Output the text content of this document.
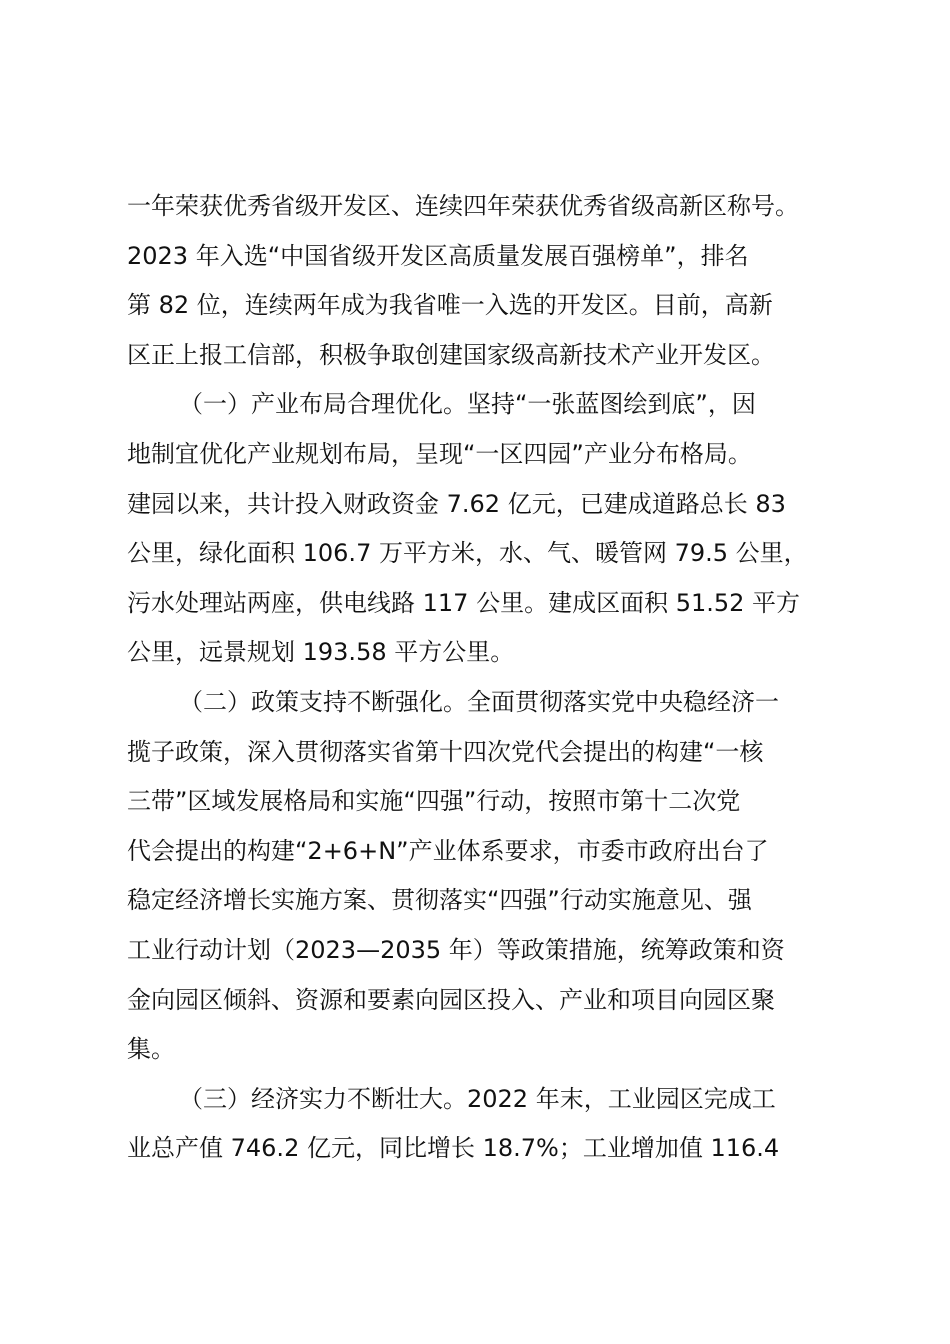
一年荣获优秀省级开发区、连续四年荣获优秀省级高新区称号。
2023 年入选“中国省级开发区高质量发展百强榜单”，排名
第 82 位，连续两年成为我省唯一入选的开发区。目前，高新
区正上报工信部，积极争取创建国家级高新技术产业开发区。
（一）产业布局合理优化。坚持“一张蓝图绘到底”，因
地制宜优化产业规划布局，呈现“一区四园”产业分布格局。
建园以来，共计投入财政资金 7.62 亿元，已建成道路总长 83
公里，绿化面积 106.7 万平方米，水、气、暖管网 79.5 公里，
污水处理站两座，供电线路 117 公里。建成区面积 51.52 平方
公里，远景规划 193.58 平方公里。
（二）政策支持不断强化。全面贯彻落实党中央稳经济一
揽子政策，深入贯彻落实省第十四次党代会提出的构建“一核
三带”区域发展格局和实施“四强”行动，按照市第十二次党
代会提出的构建“2+6+N”产业体系要求，市委市政府出台了
稳定经济增长实施方案、贯彻落实“四强”行动实施意见、强
工业行动计划（2023—2035 年）等政策措施，统筹政策和资
金向园区倾斜、资源和要素向园区投入、产业和项目向园区聚
集。
（三）经济实力不断壮大。2022 年末，工业园区完成工
业总产值 746.2 亿元，同比增长 18.7%；工业增加值 116.4
